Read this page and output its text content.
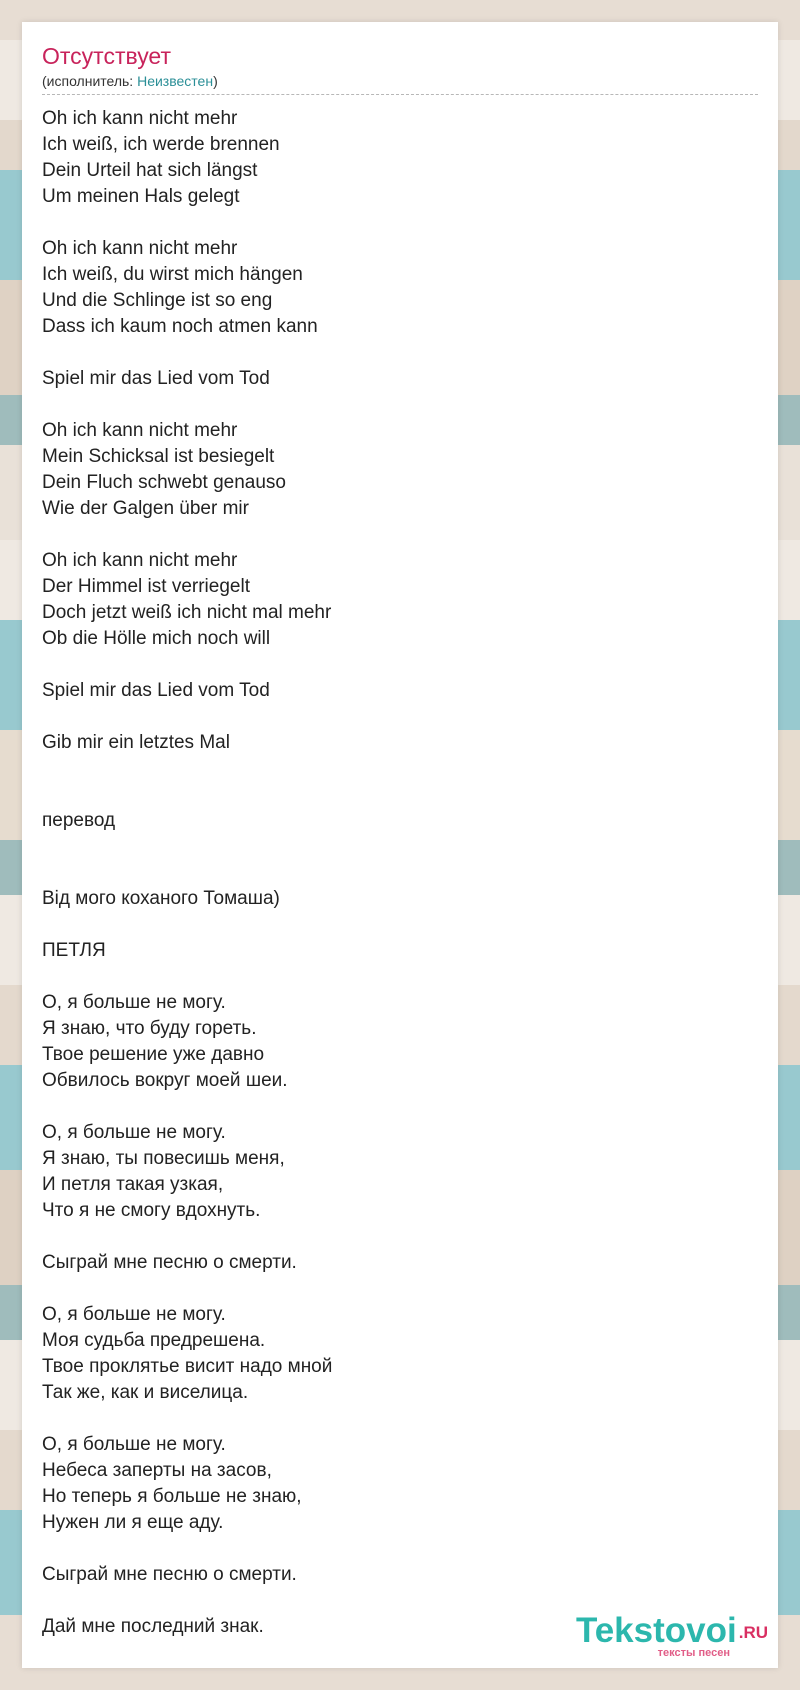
Отсутствует
(исполнитель: Неизвестен)
Oh ich kann nicht mehr
Ich weiß, ich werde brennen
Dein Urteil hat sich längst
Um meinen Hals gelegt

Oh ich kann nicht mehr
Ich weiß, du wirst mich hängen
Und die Schlinge ist so eng
Dass ich kaum noch atmen kann

Spiel mir das Lied vom Tod

Oh ich kann nicht mehr
Mein Schicksal ist besiegelt
Dein Fluch schwebt genauso
Wie der Galgen über mir

Oh ich kann nicht mehr
Der Himmel ist verriegelt
Doch jetzt weiß ich nicht mal mehr
Ob die Hölle mich noch will

Spiel mir das Lied vom Tod

Gib mir ein letztes Mal

перевод

Від мого коханого Томаша)

ПЕТЛЯ

О, я больше не могу.
Я знаю, что буду гореть.
Твое решение уже давно
Обвилось вокруг моей шеи.

О, я больше не могу.
Я знаю, ты повесишь меня,
И петля такая узкая,
Что я не смогу вдохнуть.

Сыграй мне песню о смерти.

О, я больше не могу.
Моя судьба предрешена.
Твое проклятье висит надо мной
Так же, как и виселица.

О, я больше не могу.
Небеса заперты на засов,
Но теперь я больше не знаю,
Нужен ли я еще аду.

Сыграй мне песню о смерти.

Дай мне последний знак.	Tekstovoi .RU
тексты песен
